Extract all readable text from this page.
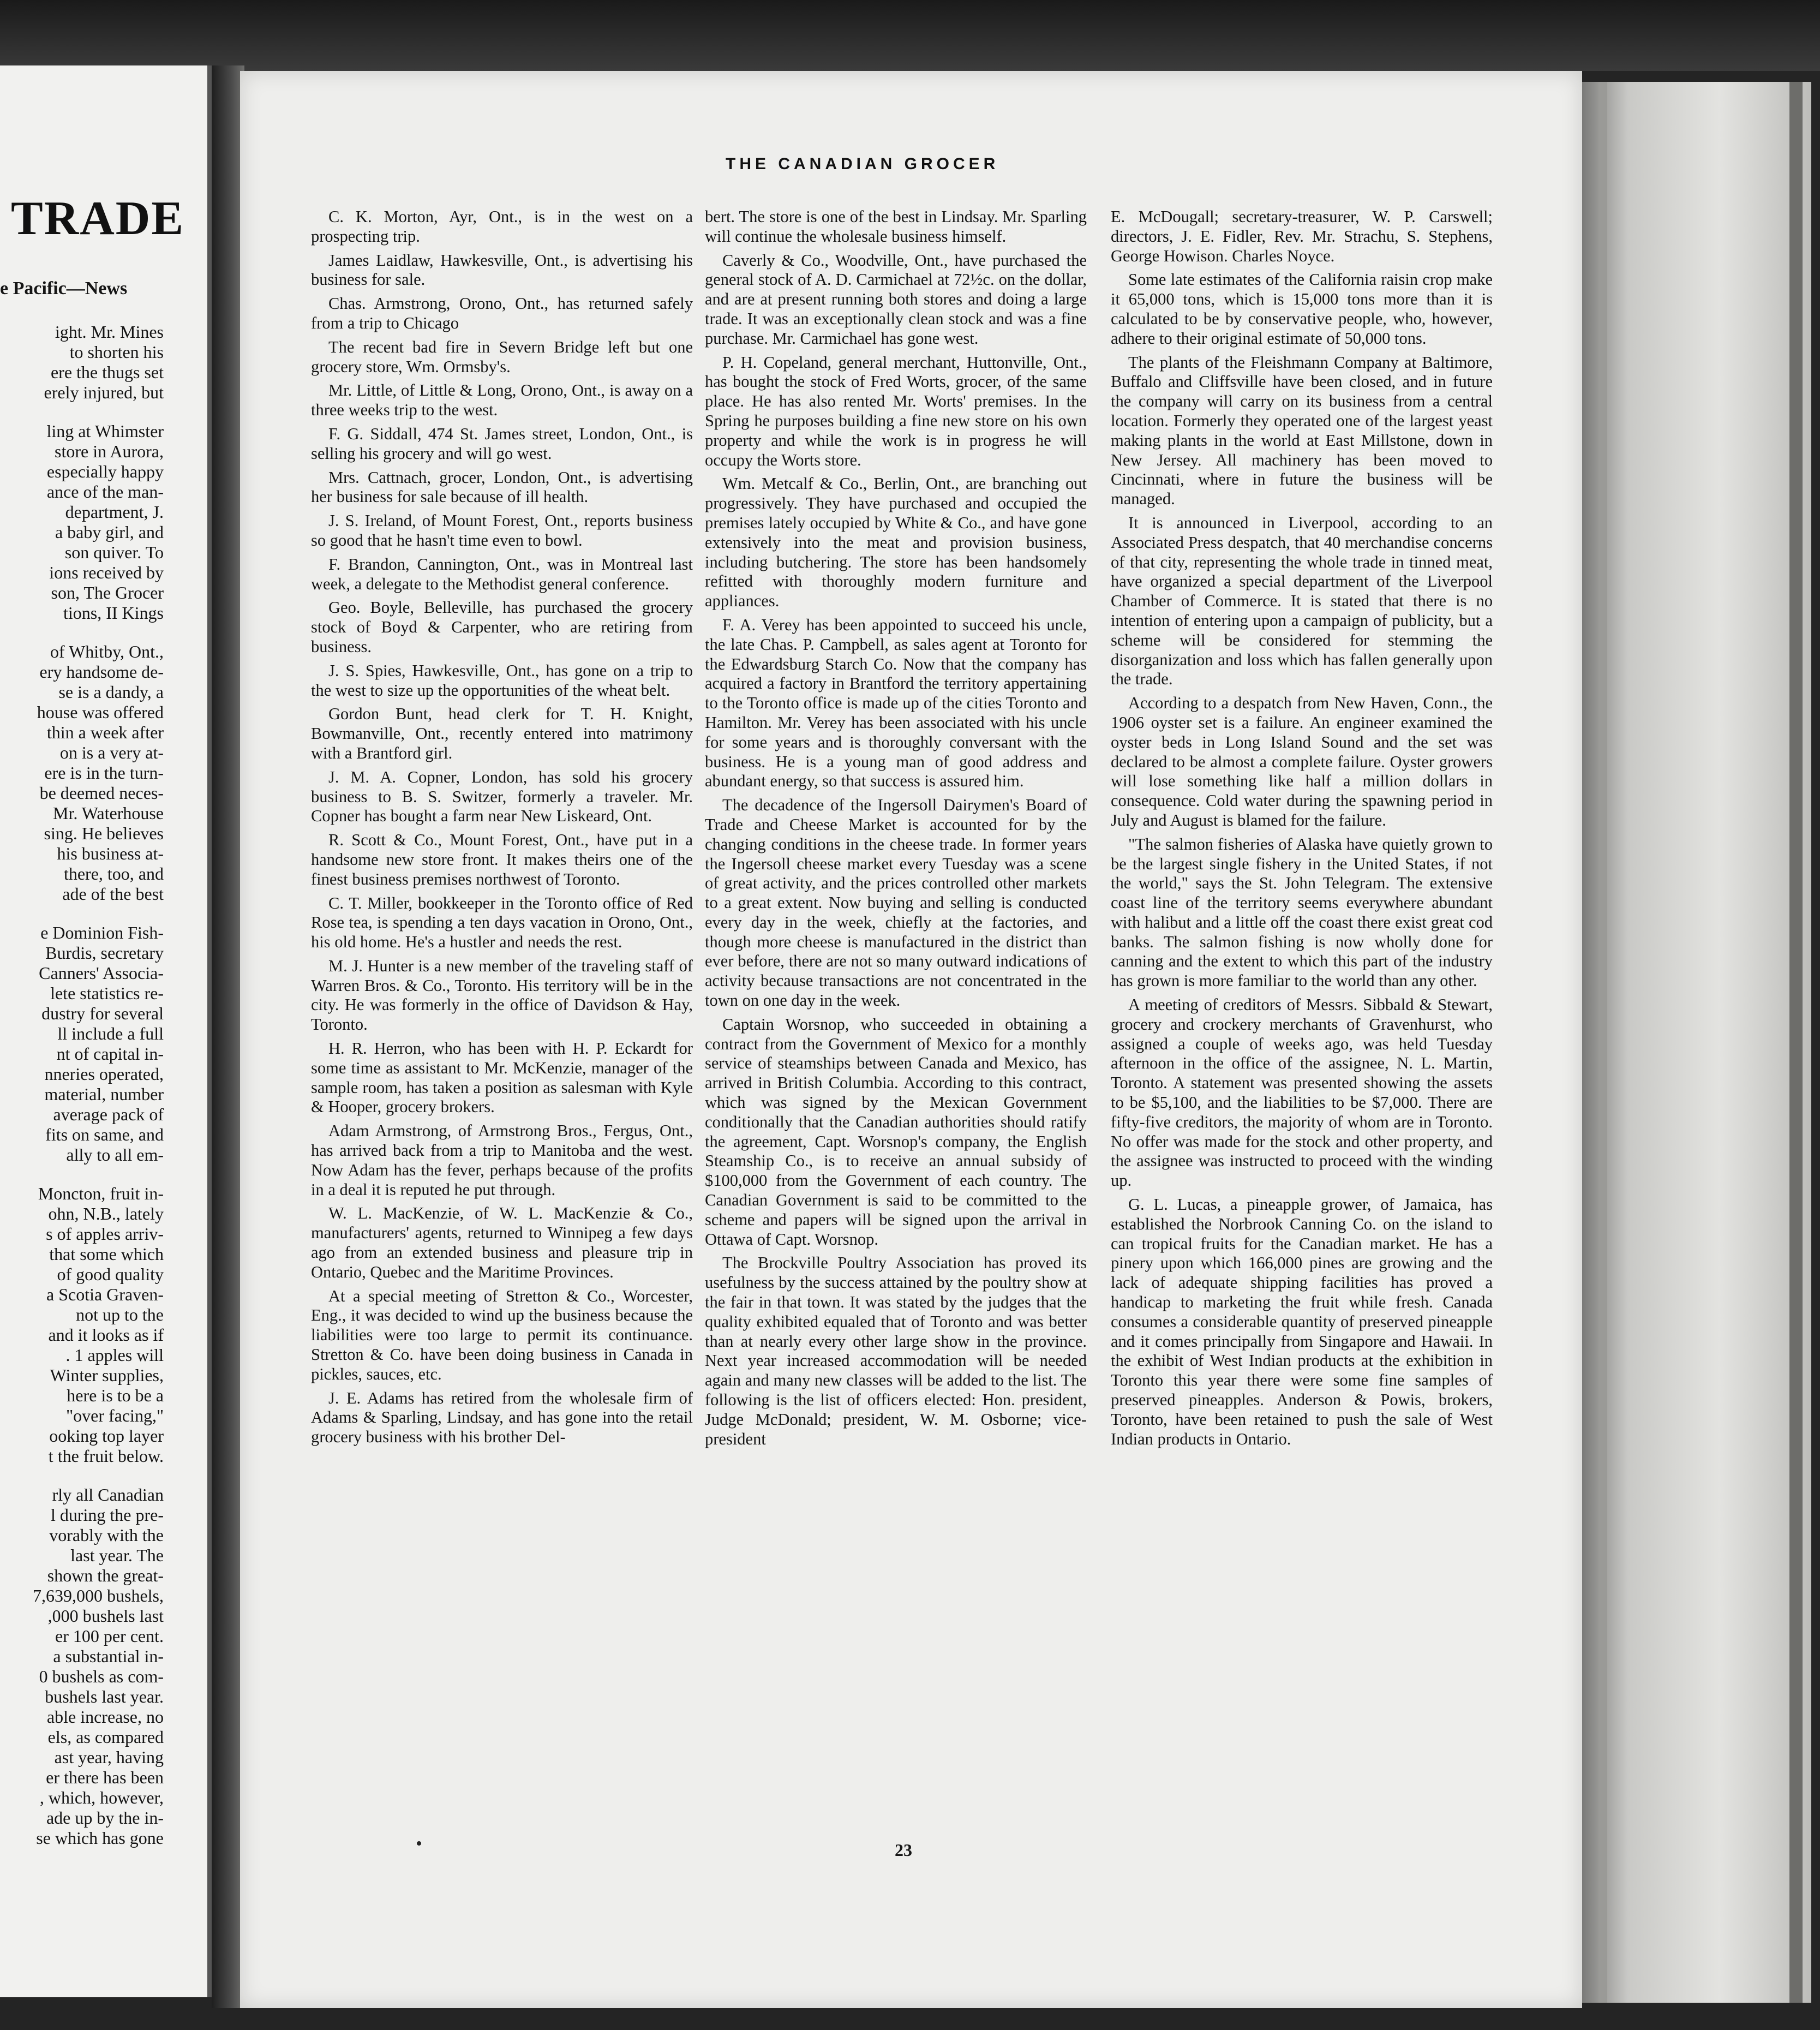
TRADE
e Pacific—News

ight. Mr. Mines

to shorten his

ere the thugs set

erely injured, but

ling at Whimster

store in Aurora,

especially happy

ance of the man-

department, J.

a baby girl, and

son quiver. To

ions received by

son, The Grocer

tions, II Kings

of Whitby, Ont.,

ery handsome de-

se is a dandy, a

house was offered

thin a week after

on is a very at-

ere is in the turn-

be deemed neces-

Mr. Waterhouse

sing. He believes

his business at-

there, too, and

ade of the best

e Dominion Fish-

Burdis, secretary

Canners' Associa-

lete statistics re-

dustry for several

ll include a full

nt of capital in-

nneries operated,

material, number

average pack of

fits on same, and

ally to all em-

Moncton, fruit in-

ohn, N.B., lately

s of apples arriv-

that some which

of good quality

a Scotia Graven-

not up to the

and it looks as if

. 1 apples will

Winter supplies,

here is to be a

"over facing,"

ooking top layer

t the fruit below.

rly all Canadian

l during the pre-

vorably with the

last year. The

shown the great-

7,639,000 bushels,

,000 bushels last

er 100 per cent.

a substantial in-

0 bushels as com-

bushels last year.

able increase, no

els, as compared

ast year, having

er there has been

, which, however,

ade up by the in-

se which has gone

THE CANADIAN GROCER

C. K. Morton, Ayr, Ont., is in the west on a prospecting trip.

James Laidlaw, Hawkesville, Ont., is advertising his business for sale.

Chas. Armstrong, Orono, Ont., has returned safely from a trip to Chicago

The recent bad fire in Severn Bridge left but one grocery store, Wm. Ormsby's.

Mr. Little, of Little & Long, Orono, Ont., is away on a three weeks trip to the west.

F. G. Siddall, 474 St. James street, London, Ont., is selling his grocery and will go west.

Mrs. Cattnach, grocer, London, Ont., is advertising her business for sale because of ill health.

J. S. Ireland, of Mount Forest, Ont., reports business so good that he hasn't time even to bowl.

F. Brandon, Cannington, Ont., was in Montreal last week, a delegate to the Methodist general conference.

Geo. Boyle, Belleville, has purchased the grocery stock of Boyd & Carpenter, who are retiring from business.

J. S. Spies, Hawkesville, Ont., has gone on a trip to the west to size up the opportunities of the wheat belt.

Gordon Bunt, head clerk for T. H. Knight, Bowmanville, Ont., recently entered into matrimony with a Brantford girl.

J. M. A. Copner, London, has sold his grocery business to B. S. Switzer, formerly a traveler. Mr. Copner has bought a farm near New Liskeard, Ont.

R. Scott & Co., Mount Forest, Ont., have put in a handsome new store front. It makes theirs one of the finest business premises northwest of Toronto.

C. T. Miller, bookkeeper in the Toronto office of Red Rose tea, is spending a ten days vacation in Orono, Ont., his old home. He's a hustler and needs the rest.

M. J. Hunter is a new member of the traveling staff of Warren Bros. & Co., Toronto. His territory will be in the city. He was formerly in the office of Davidson & Hay, Toronto.

H. R. Herron, who has been with H. P. Eckardt for some time as assistant to Mr. McKenzie, manager of the sample room, has taken a position as salesman with Kyle & Hooper, grocery brokers.

Adam Armstrong, of Armstrong Bros., Fergus, Ont., has arrived back from a trip to Manitoba and the west. Now Adam has the fever, perhaps because of the profits in a deal it is reputed he put through.

W. L. MacKenzie, of W. L. MacKenzie & Co., manufacturers' agents, returned to Winnipeg a few days ago from an extended business and pleasure trip in Ontario, Quebec and the Maritime Provinces.

At a special meeting of Stretton & Co., Worcester, Eng., it was decided to wind up the business because the liabilities were too large to permit its continuance. Stretton & Co. have been doing business in Canada in pickles, sauces, etc.

J. E. Adams has retired from the wholesale firm of Adams & Sparling, Lindsay, and has gone into the retail grocery business with his brother Del-

bert. The store is one of the best in Lindsay. Mr. Sparling will continue the wholesale business himself.

Caverly & Co., Woodville, Ont., have purchased the general stock of A. D. Carmichael at 72½c. on the dollar, and are at present running both stores and doing a large trade. It was an exceptionally clean stock and was a fine purchase. Mr. Carmichael has gone west.

P. H. Copeland, general merchant, Huttonville, Ont., has bought the stock of Fred Worts, grocer, of the same place. He has also rented Mr. Worts' premises. In the Spring he purposes building a fine new store on his own property and while the work is in progress he will occupy the Worts store.

Wm. Metcalf & Co., Berlin, Ont., are branching out progressively. They have purchased and occupied the premises lately occupied by White & Co., and have gone extensively into the meat and provision business, including butchering. The store has been handsomely refitted with thoroughly modern furniture and appliances.

F. A. Verey has been appointed to succeed his uncle, the late Chas. P. Campbell, as sales agent at Toronto for the Edwardsburg Starch Co. Now that the company has acquired a factory in Brantford the territory appertaining to the Toronto office is made up of the cities Toronto and Hamilton. Mr. Verey has been associated with his uncle for some years and is thoroughly conversant with the business. He is a young man of good address and abundant energy, so that success is assured him.

The decadence of the Ingersoll Dairymen's Board of Trade and Cheese Market is accounted for by the changing conditions in the cheese trade. In former years the Ingersoll cheese market every Tuesday was a scene of great activity, and the prices controlled other markets to a great extent. Now buying and selling is conducted every day in the week, chiefly at the factories, and though more cheese is manufactured in the district than ever before, there are not so many outward indications of activity because transactions are not concentrated in the town on one day in the week.

Captain Worsnop, who succeeded in obtaining a contract from the Government of Mexico for a monthly service of steamships between Canada and Mexico, has arrived in British Columbia. According to this contract, which was signed by the Mexican Government conditionally that the Canadian authorities should ratify the agreement, Capt. Worsnop's company, the English Steamship Co., is to receive an annual subsidy of $100,000 from the Government of each country. The Canadian Government is said to be committed to the scheme and papers will be signed upon the arrival in Ottawa of Capt. Worsnop.

The Brockville Poultry Association has proved its usefulness by the success attained by the poultry show at the fair in that town. It was stated by the judges that the quality exhibited equaled that of Toronto and was better than at nearly every other large show in the province. Next year increased accommodation will be needed again and many new classes will be added to the list. The following is the list of officers elected: Hon. president, Judge McDonald; president, W. M. Osborne; vice-president

E. McDougall; secretary-treasurer, W. P. Carswell; directors, J. E. Fidler, Rev. Mr. Strachu, S. Stephens, George Howison. Charles Noyce.

Some late estimates of the California raisin crop make it 65,000 tons, which is 15,000 tons more than it is calculated to be by conservative people, who, however, adhere to their original estimate of 50,000 tons.

The plants of the Fleishmann Company at Baltimore, Buffalo and Cliffsville have been closed, and in future the company will carry on its business from a central location. Formerly they operated one of the largest yeast making plants in the world at East Millstone, down in New Jersey. All machinery has been moved to Cincinnati, where in future the business will be managed.

It is announced in Liverpool, according to an Associated Press despatch, that 40 merchandise concerns of that city, representing the whole trade in tinned meat, have organized a special department of the Liverpool Chamber of Commerce. It is stated that there is no intention of entering upon a campaign of publicity, but a scheme will be considered for stemming the disorganization and loss which has fallen generally upon the trade.

According to a despatch from New Haven, Conn., the 1906 oyster set is a failure. An engineer examined the oyster beds in Long Island Sound and the set was declared to be almost a complete failure. Oyster growers will lose something like half a million dollars in consequence. Cold water during the spawning period in July and August is blamed for the failure.

"The salmon fisheries of Alaska have quietly grown to be the largest single fishery in the United States, if not the world," says the St. John Telegram. The extensive coast line of the territory seems everywhere abundant with halibut and a little off the coast there exist great cod banks. The salmon fishing is now wholly done for canning and the extent to which this part of the industry has grown is more familiar to the world than any other.

A meeting of creditors of Messrs. Sibbald & Stewart, grocery and crockery merchants of Gravenhurst, who assigned a couple of weeks ago, was held Tuesday afternoon in the office of the assignee, N. L. Martin, Toronto. A statement was presented showing the assets to be $5,100, and the liabilities to be $7,000. There are fifty-five creditors, the majority of whom are in Toronto. No offer was made for the stock and other property, and the assignee was instructed to proceed with the winding up.

G. L. Lucas, a pineapple grower, of Jamaica, has established the Norbrook Canning Co. on the island to can tropical fruits for the Canadian market. He has a pinery upon which 166,000 pines are growing and the lack of adequate shipping facilities has proved a handicap to marketing the fruit while fresh. Canada consumes a considerable quantity of preserved pineapple and it comes principally from Singapore and Hawaii. In the exhibit of West Indian products at the exhibition in Toronto this year there were some fine samples of preserved pineapples. Anderson & Powis, brokers, Toronto, have been retained to push the sale of West Indian products in Ontario.

23
